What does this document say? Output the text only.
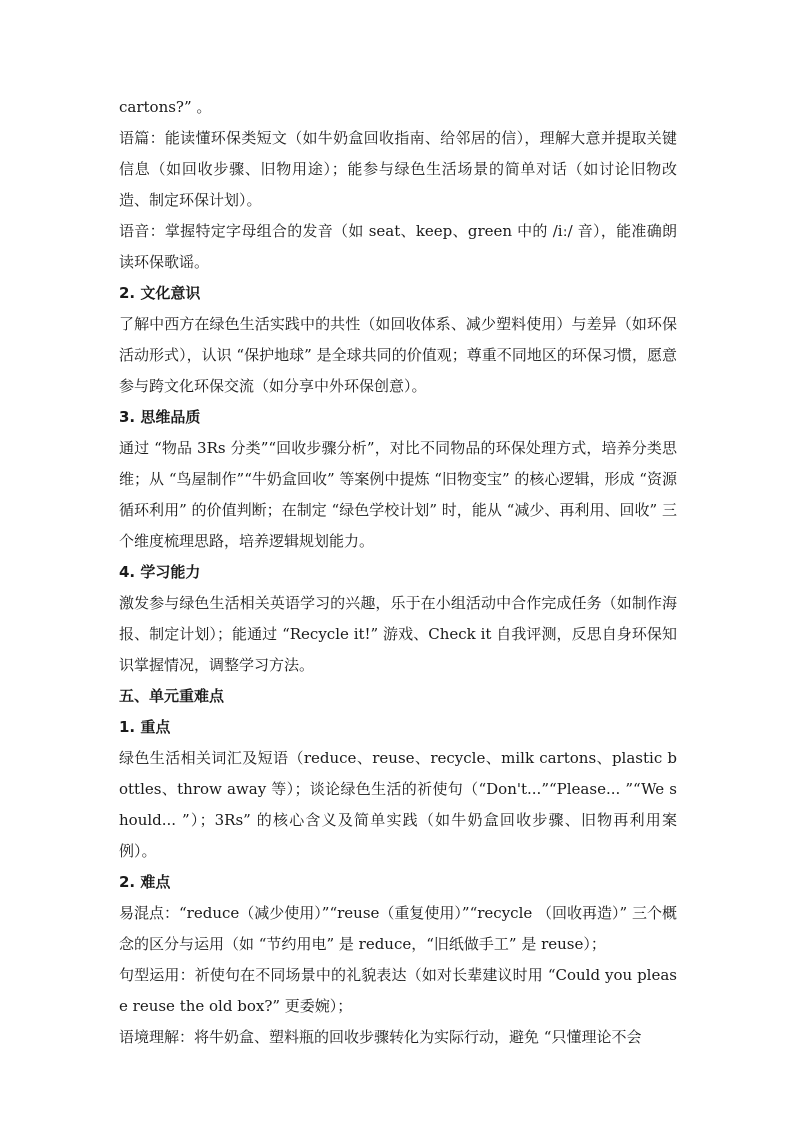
cartons?” 。

语篇：能读懂环保类短文（如牛奶盒回收指南、给邻居的信），理解大意并提取关键信息（如回收步骤、旧物用途）；能参与绿色生活场景的简单对话（如讨论旧物改造、制定环保计划）。

语音：掌握特定字母组合的发音（如 seat、keep、green 中的 /iː/ 音），能准确朗读环保歌谣。

2. 文化意识

了解中西方在绿色生活实践中的共性（如回收体系、减少塑料使用）与差异（如环保活动形式），认识 “保护地球” 是全球共同的价值观；尊重不同地区的环保习惯，愿意参与跨文化环保交流（如分享中外环保创意）。

3. 思维品质

通过 “物品 3Rs 分类”“回收步骤分析”，对比不同物品的环保处理方式，培养分类思维；从 “鸟屋制作”“牛奶盒回收” 等案例中提炼 “旧物变宝” 的核心逻辑，形成 “资源循环利用” 的价值判断；在制定 “绿色学校计划” 时，能从 “减少、再利用、回收” 三个维度梳理思路，培养逻辑规划能力。

4. 学习能力

激发参与绿色生活相关英语学习的兴趣，乐于在小组活动中合作完成任务（如制作海报、制定计划）；能通过 “Recycle it!” 游戏、Check it 自我评测，反思自身环保知识掌握情况，调整学习方法。

五、单元重难点

1. 重点

绿色生活相关词汇及短语（reduce、reuse、recycle、milk cartons、plastic bottles、throw away 等）；谈论绿色生活的祈使句（“Don't...”“Please... ”“We should... ”）；3Rs” 的核心含义及简单实践（如牛奶盒回收步骤、旧物再利用案例）。

2. 难点

易混点：“reduce（减少使用）”“reuse（重复使用）”“recycle （回收再造）” 三个概念的区分与运用（如 “节约用电” 是 reduce，“旧纸做手工” 是 reuse）；

句型运用：祈使句在不同场景中的礼貌表达（如对长辈建议时用 “Could you please reuse the old box?” 更委婉）；

语境理解：将牛奶盒、塑料瓶的回收步骤转化为实际行动，避免 “只懂理论不会
